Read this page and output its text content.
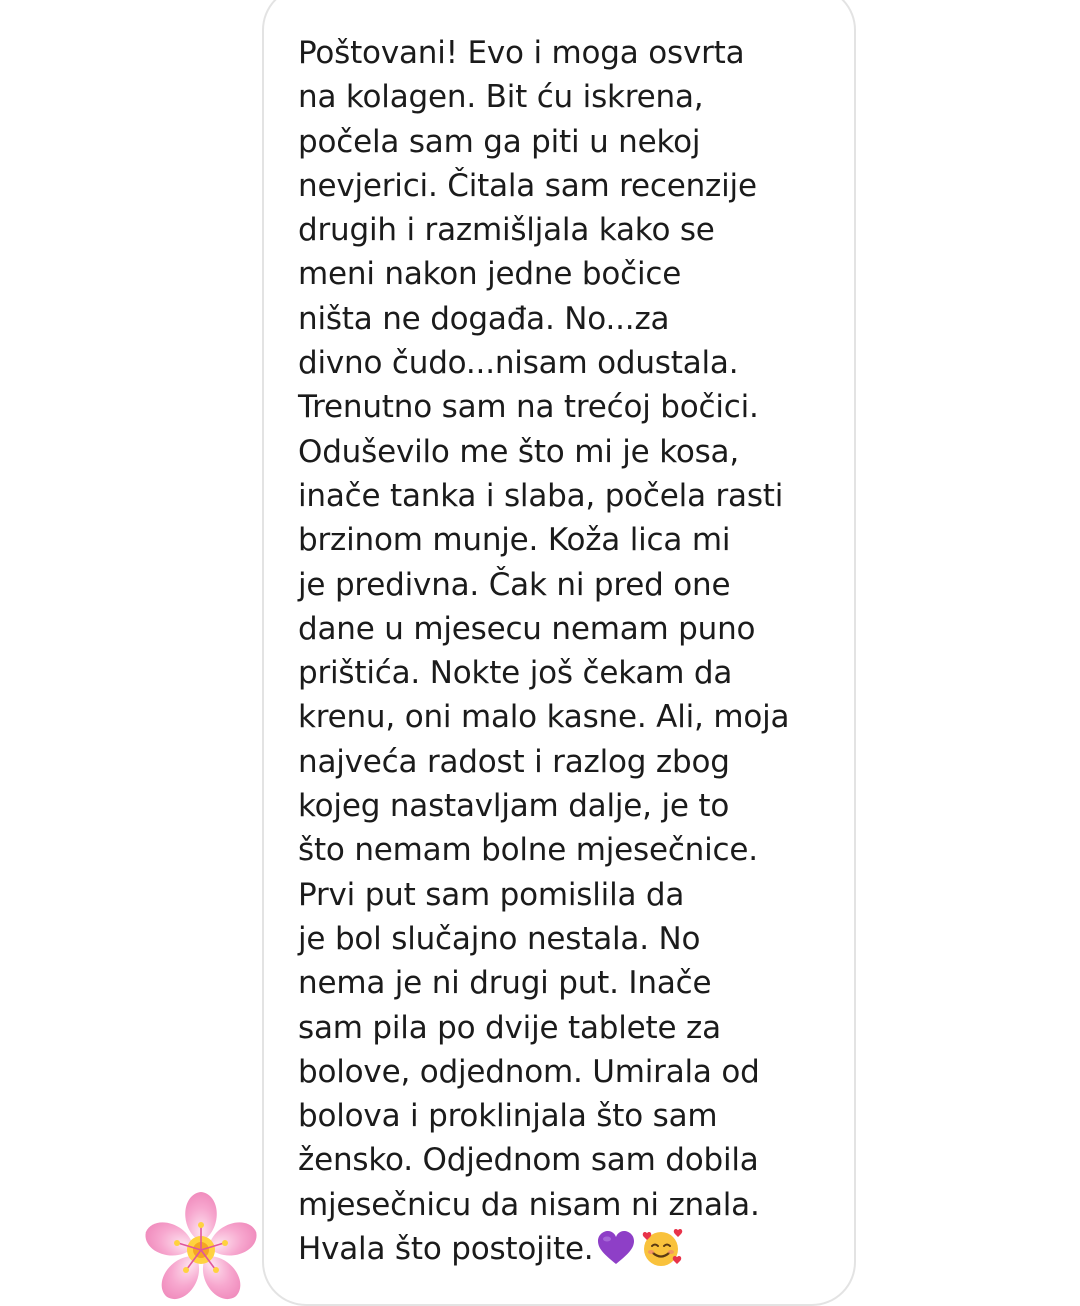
Poštovani! Evo i moga osvrta
na kolagen. Bit ću iskrena,
počela sam ga piti u nekoj
nevjerici. Čitala sam recenzije
drugih i razmišljala kako se
meni nakon jedne bočice
ništa ne događa. No...za
divno čudo...nisam odustala.
Trenutno sam na trećoj bočici.
Oduševilo me što mi je kosa,
inače tanka i slaba, počela rasti
brzinom munje. Koža lica mi
je predivna. Čak ni pred one
dane u mjesecu nemam puno
prištića. Nokte još čekam da
krenu, oni malo kasne. Ali, moja
najveća radost i razlog zbog
kojeg nastavljam dalje, je to
što nemam bolne mjesečnice.
Prvi put sam pomislila da
je bol slučajno nestala. No
nema je ni drugi put. Inače
sam pila po dvije tablete za
bolove, odjednom. Umirala od
bolova i proklinjala što sam
žensko. Odjednom sam dobila
mjesečnicu da nisam ni znala.
Hvala što postojite.
